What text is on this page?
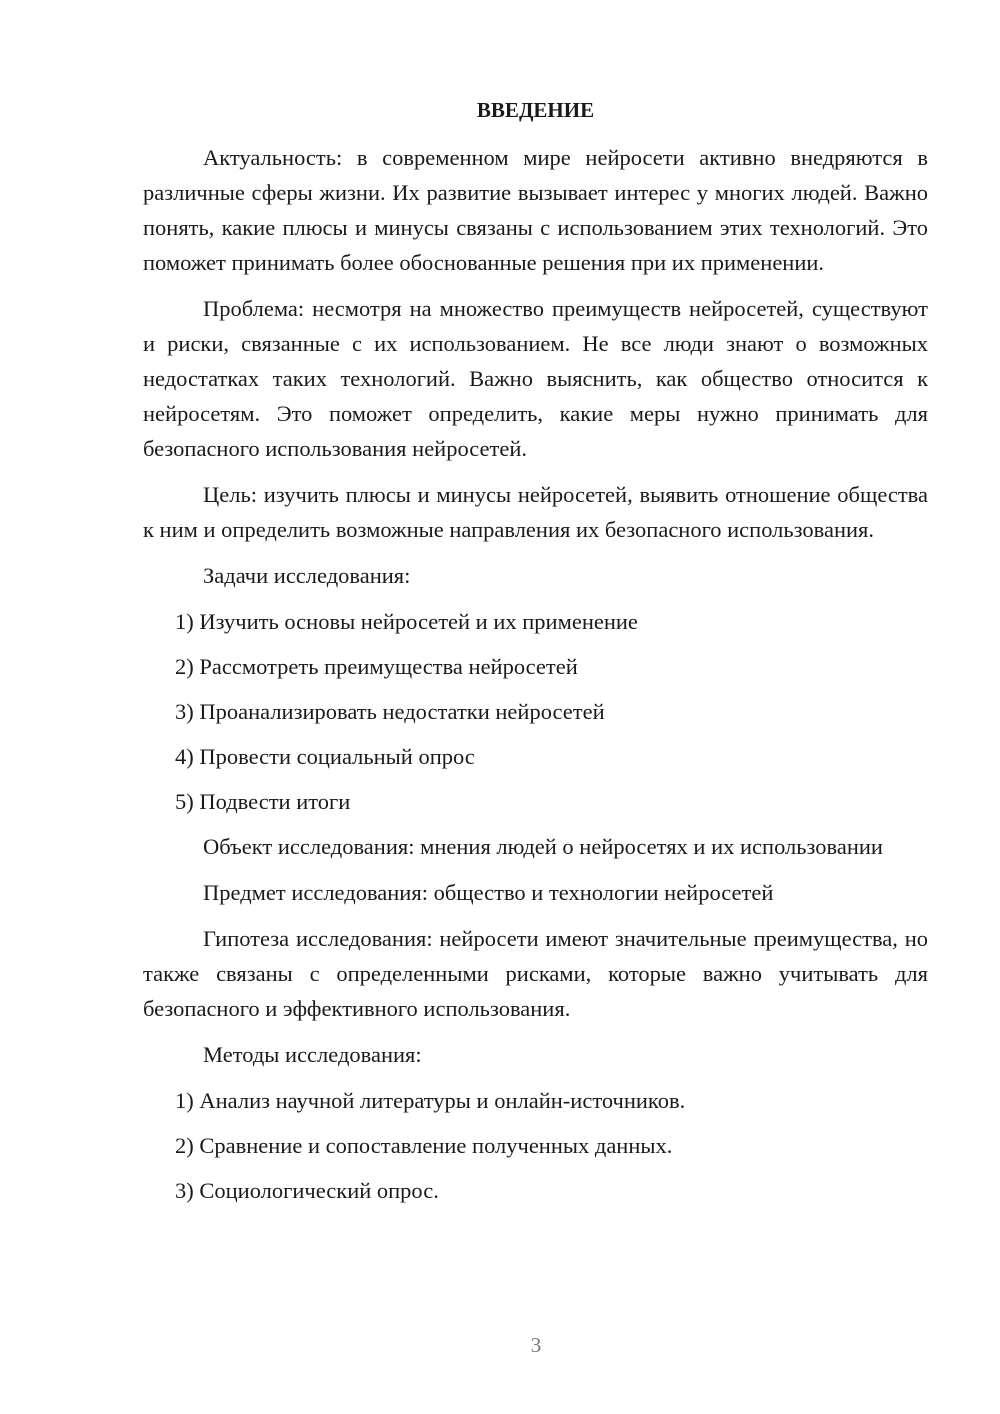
ВВЕДЕНИЕ

Актуальность: в современном мире нейросети активно внедряются в различные сферы жизни. Их развитие вызывает интерес у многих людей. Важно понять, какие плюсы и минусы связаны с использованием этих технологий. Это поможет принимать более обоснованные решения при их применении.

Проблема: несмотря на множество преимуществ нейросетей, существуют и риски, связанные с их использованием. Не все люди знают о возможных недостатках таких технологий. Важно выяснить, как общество относится к нейросетям. Это поможет определить, какие меры нужно принимать для безопасного использования нейросетей.

Цель: изучить плюсы и минусы нейросетей, выявить отношение общества к ним и определить возможные направления их безопасного использования.

Задачи исследования:

1) Изучить основы нейросетей и их применение

2) Рассмотреть преимущества нейросетей

3) Проанализировать недостатки нейросетей

4) Провести социальный опрос

5) Подвести итоги

Объект исследования: мнения людей о нейросетях и их использовании

Предмет исследования: общество и технологии нейросетей

Гипотеза исследования: нейросети имеют значительные преимущества, но также связаны с определенными рисками, которые важно учитывать для безопасного и эффективного использования.

Методы исследования:

1) Анализ научной литературы и онлайн-источников.

2) Сравнение и сопоставление полученных данных.

3) Социологический опрос.

3
